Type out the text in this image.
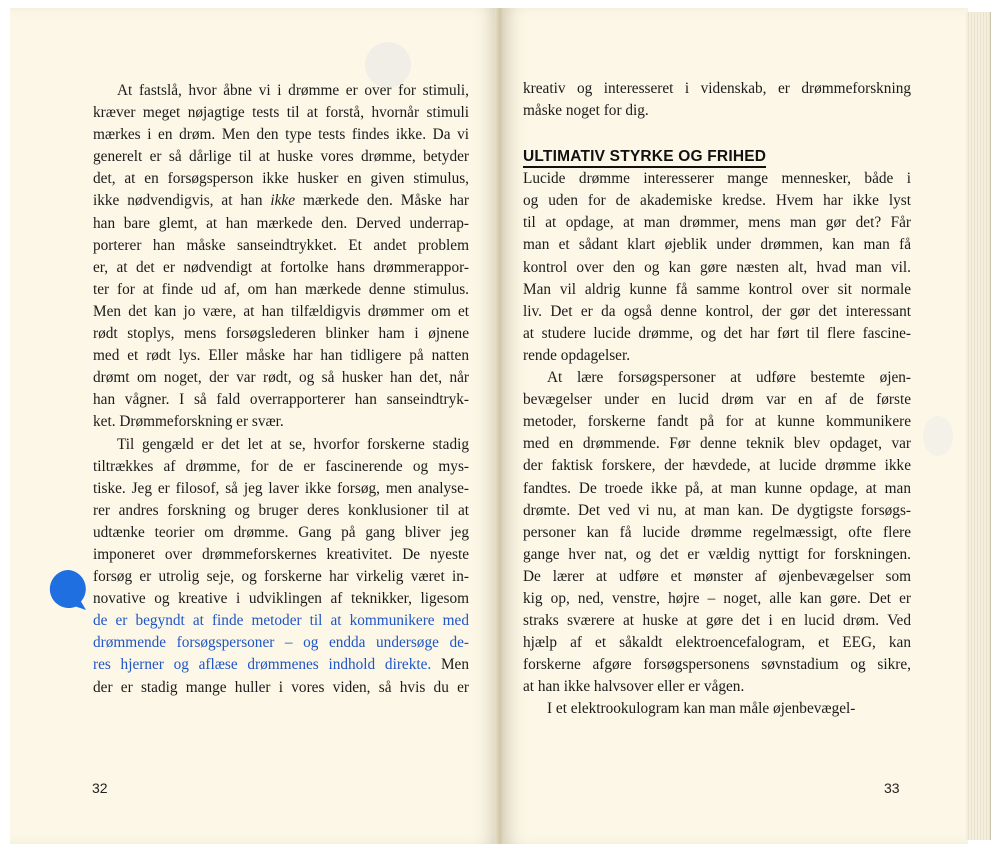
At fastslå, hvor åbne vi i drømme er over for stimuli,
kræver meget nøjagtige tests til at forstå, hvornår stimuli
mærkes i en drøm. Men den type tests findes ikke. Da vi
generelt er så dårlige til at huske vores drømme, betyder
det, at en forsøgsperson ikke husker en given stimulus,
ikke nødvendigvis, at han ikke mærkede den. Måske har
han bare glemt, at han mærkede den. Derved underrap-
porterer han måske sanseindtrykket. Et andet problem
er, at det er nødvendigt at fortolke hans drømmerappor-
ter for at finde ud af, om han mærkede denne stimulus.
Men det kan jo være, at han tilfældigvis drømmer om et
rødt stoplys, mens forsøgslederen blinker ham i øjnene
med et rødt lys. Eller måske har han tidligere på natten
drømt om noget, der var rødt, og så husker han det, når
han vågner. I så fald overrapporterer han sanseindtryk-
ket. Drømmeforskning er svær.
Til gengæld er det let at se, hvorfor forskerne stadig
tiltrækkes af drømme, for de er fascinerende og mys-
tiske. Jeg er filosof, så jeg laver ikke forsøg, men analyse-
rer andres forskning og bruger deres konklusioner til at
udtænke teorier om drømme. Gang på gang bliver jeg
imponeret over drømmeforskernes kreativitet. De nyeste
forsøg er utrolig seje, og forskerne har virkelig været in-
novative og kreative i udviklingen af teknikker, ligesom
de er begyndt at finde metoder til at kommunikere med
drømmende forsøgspersoner – og endda undersøge de-
res hjerner og aflæse drømmenes indhold direkte. Men
der er stadig mange huller i vores viden, så hvis du er
32
kreativ og interesseret i videnskab, er drømmeforskning
måske noget for dig.
ULTIMATIV STYRKE OG FRIHED
Lucide drømme interesserer mange mennesker, både i
og uden for de akademiske kredse. Hvem har ikke lyst
til at opdage, at man drømmer, mens man gør det? Får
man et sådant klart øjeblik under drømmen, kan man få
kontrol over den og kan gøre næsten alt, hvad man vil.
Man vil aldrig kunne få samme kontrol over sit normale
liv. Det er da også denne kontrol, der gør det interessant
at studere lucide drømme, og det har ført til flere fascine-
rende opdagelser.
At lære forsøgspersoner at udføre bestemte øjen-
bevægelser under en lucid drøm var en af de første
metoder, forskerne fandt på for at kunne kommunikere
med en drømmende. Før denne teknik blev opdaget, var
der faktisk forskere, der hævdede, at lucide drømme ikke
fandtes. De troede ikke på, at man kunne opdage, at man
drømte. Det ved vi nu, at man kan. De dygtigste forsøgs-
personer kan få lucide drømme regelmæssigt, ofte flere
gange hver nat, og det er vældig nyttigt for forskningen.
De lærer at udføre et mønster af øjenbevægelser som
kig op, ned, venstre, højre – noget, alle kan gøre. Det er
straks sværere at huske at gøre det i en lucid drøm. Ved
hjælp af et såkaldt elektroencefalogram, et EEG, kan
forskerne afgøre forsøgspersonens søvnstadium og sikre,
at han ikke halvsover eller er vågen.
I et elektrookulogram kan man måle øjenbevægel-
33
